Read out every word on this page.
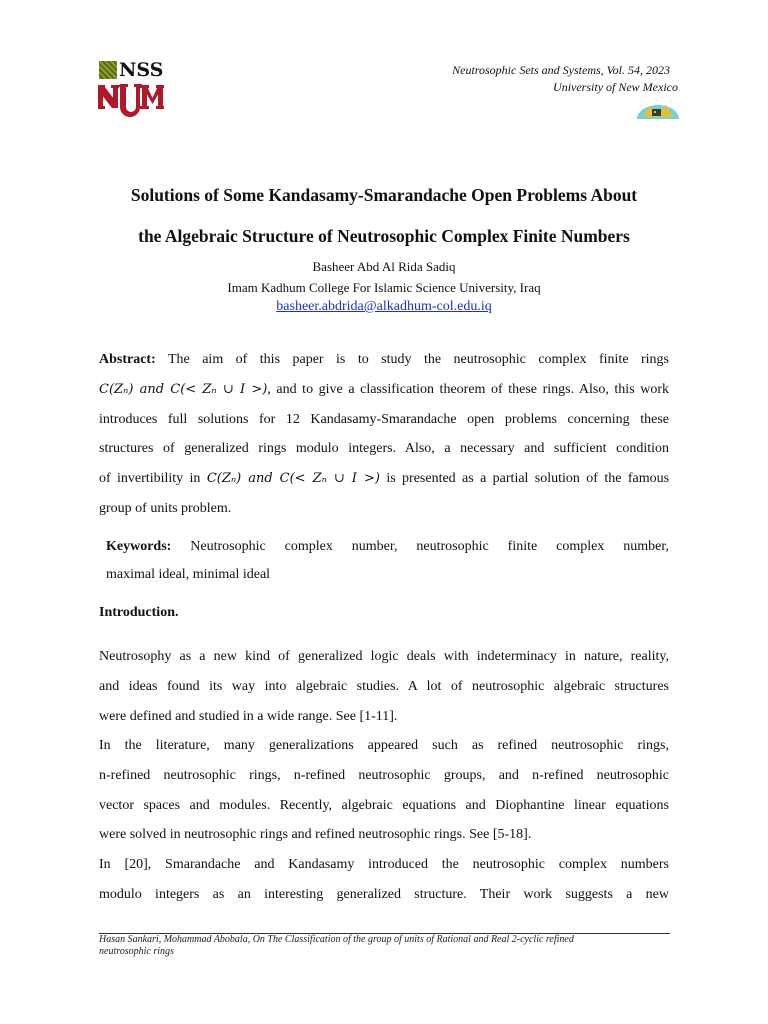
NSS	Neutrosophic Sets and Systems, Vol. 54, 2023
University of New Mexico
Solutions of Some Kandasamy-Smarandache Open Problems About
the Algebraic Structure of Neutrosophic Complex Finite Numbers
Basheer Abd Al Rida Sadiq
Imam Kadhum College For Islamic Science University, Iraq
basheer.abdrida@alkadhum-col.edu.iq
Abstract: The aim of this paper is to study the neutrosophic complex finite rings
C(Zₙ) and C(< Zₙ ∪ I >), and to give a classification theorem of these rings. Also, this work
introduces full solutions for 12 Kandasamy-Smarandache open problems concerning these
structures of generalized rings modulo integers. Also, a necessary and sufficient condition
of invertibility in C(Zₙ) and C(< Zₙ ∪ I >) is presented as a partial solution of the famous
group of units problem.
Keywords: Neutrosophic complex number, neutrosophic finite complex number,
maximal ideal, minimal ideal
Introduction.
Neutrosophy as a new kind of generalized logic deals with indeterminacy in nature, reality,
and ideas found its way into algebraic studies. A lot of neutrosophic algebraic structures
were defined and studied in a wide range. See [1-11].
In the literature, many generalizations appeared such as refined neutrosophic rings,
n-refined neutrosophic rings, n-refined neutrosophic groups, and n-refined neutrosophic
vector spaces and modules. Recently, algebraic equations and Diophantine linear equations
were solved in neutrosophic rings and refined neutrosophic rings. See [5-18].
In [20], Smarandache and Kandasamy introduced the neutrosophic complex numbers
modulo integers as an interesting generalized structure. Their work suggests a new
Hasan Sankari, Mohammad Abobala, On The Classification of the group of units of Rational and Real 2-cyclic refined
neutrosophic rings
